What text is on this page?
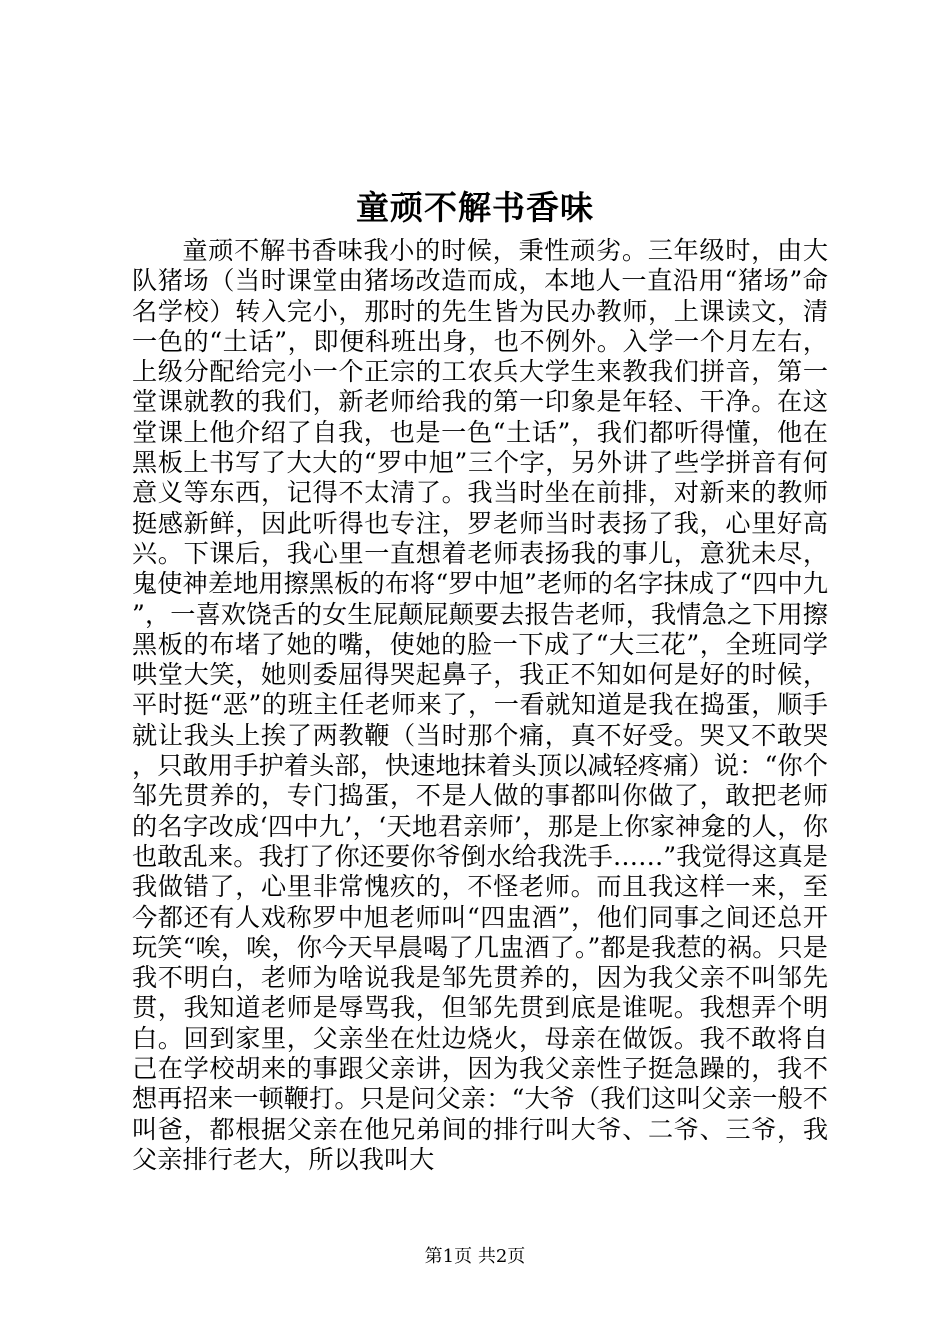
童顽不解书香味

童顽不解书香味我小的时候，秉性顽劣。三年级时，由大队猪场（当时课堂由猪场改造而成，本地人一直沿用“猪场”命名学校）转入完小，那时的先生皆为民办教师，上课读文，清一色的“土话”，即便科班出身，也不例外。入学一个月左右，上级分配给完小一个正宗的工农兵大学生来教我们拼音，第一堂课就教的我们，新老师给我的第一印象是年轻、干净。在这堂课上他介绍了自我，也是一色“土话”，我们都听得懂，他在黑板上书写了大大的“罗中旭”三个字，另外讲了些学拼音有何意义等东西，记得不太清了。我当时坐在前排，对新来的教师挺感新鲜，因此听得也专注，罗老师当时表扬了我，心里好高兴。下课后，我心里一直想着老师表扬我的事儿，意犹未尽，鬼使神差地用擦黑板的布将“罗中旭”老师的名字抹成了“四中九”，一喜欢饶舌的女生屁颠屁颠要去报告老师，我情急之下用擦黑板的布堵了她的嘴，使她的脸一下成了“大三花”，全班同学哄堂大笑，她则委屈得哭起鼻子，我正不知如何是好的时候，平时挺“恶”的班主任老师来了，一看就知道是我在捣蛋，顺手就让我头上挨了两教鞭（当时那个痛，真不好受。哭又不敢哭，只敢用手护着头部，快速地抹着头顶以减轻疼痛）说：“你个邹先贯养的，专门捣蛋，不是人做的事都叫你做了，敢把老师的名字改成‘四中九’，‘天地君亲师’，那是上你家神龛的人，你也敢乱来。我打了你还要你爷倒水给我洗手……”我觉得这真是我做错了，心里非常愧疚的，不怪老师。而且我这样一来，至今都还有人戏称罗中旭老师叫“四盅酒”，他们同事之间还总开玩笑“唉，唉，你今天早晨喝了几盅酒了。”都是我惹的祸。只是我不明白，老师为啥说我是邹先贯养的，因为我父亲不叫邹先贯，我知道老师是辱骂我，但邹先贯到底是谁呢。我想弄个明白。回到家里，父亲坐在灶边烧火，母亲在做饭。我不敢将自己在学校胡来的事跟父亲讲，因为我父亲性子挺急躁的，我不想再招来一顿鞭打。只是问父亲：“大爷（我们这叫父亲一般不叫爸，都根据父亲在他兄弟间的排行叫大爷、二爷、三爷，我父亲排行老大，所以我叫大

第1页 共2页
